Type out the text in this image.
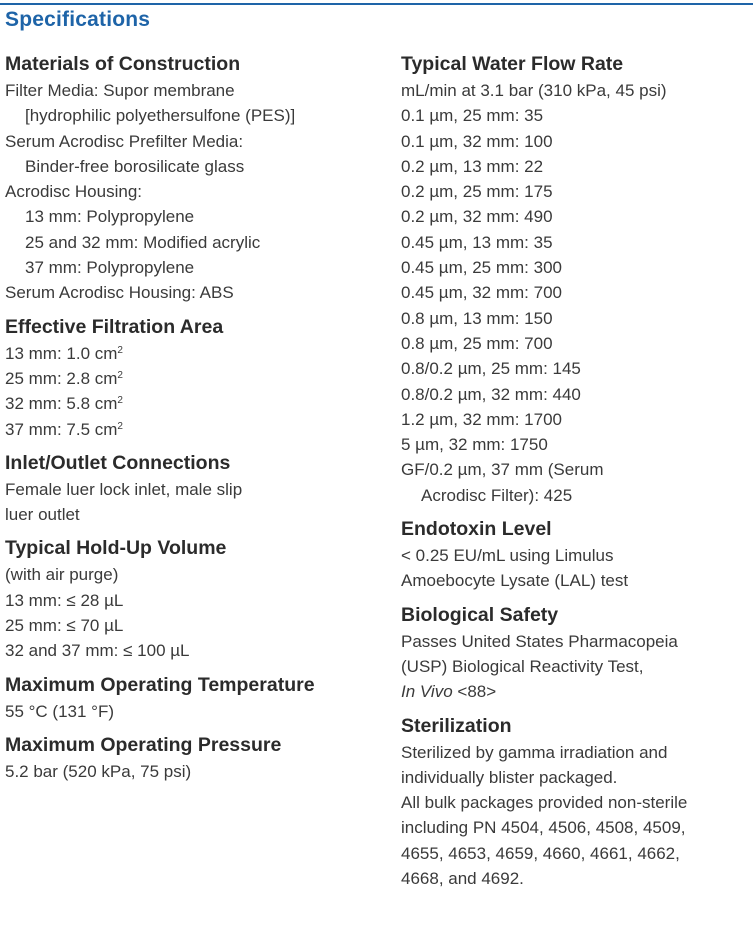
Specifications
Materials of Construction
Filter Media: Supor membrane
[hydrophilic polyethersulfone (PES)]
Serum Acrodisc Prefilter Media:
Binder-free borosilicate glass
Acrodisc Housing:
13 mm: Polypropylene
25 and 32 mm: Modified acrylic
37 mm: Polypropylene
Serum Acrodisc Housing: ABS
Effective Filtration Area
13 mm: 1.0 $cm^2$
25 mm: 2.8 $cm^2$
32 mm: 5.8 $cm^2$
37 mm: 7.5 $cm^2$
Inlet/Outlet Connections
Female luer lock inlet, male slip
luer outlet
Typical Hold-Up Volume
(with air purge)
13 mm: ≤ 28 µL
25 mm: ≤ 70 µL
32 and 37 mm: ≤ 100 µL
Maximum Operating Temperature
55 °C (131 °F)
Maximum Operating Pressure
5.2 bar (520 kPa, 75 psi)
Typical Water Flow Rate
mL/min at 3.1 bar (310 kPa, 45 psi)
0.1 µm, 25 mm: 35
0.1 µm, 32 mm: 100
0.2 µm, 13 mm: 22
0.2 µm, 25 mm: 175
0.2 µm, 32 mm: 490
0.45 µm, 13 mm: 35
0.45 µm, 25 mm: 300
0.45 µm, 32 mm: 700
0.8 µm, 13 mm: 150
0.8 µm, 25 mm: 700
0.8/0.2 µm, 25 mm: 145
0.8/0.2 µm, 32 mm: 440
1.2 µm, 32 mm: 1700
5 µm, 32 mm: 1750
GF/0.2 µm, 37 mm (Serum
Acrodisc Filter): 425
Endotoxin Level
< 0.25 EU/mL using Limulus
Amoebocyte Lysate (LAL) test
Biological Safety
Passes United States Pharmacopeia
(USP) Biological Reactivity Test,
In Vivo <88>
Sterilization
Sterilized by gamma irradiation and
individually blister packaged.
All bulk packages provided non-sterile
including PN 4504, 4506, 4508, 4509,
4655, 4653, 4659, 4660, 4661, 4662,
4668, and 4692.
